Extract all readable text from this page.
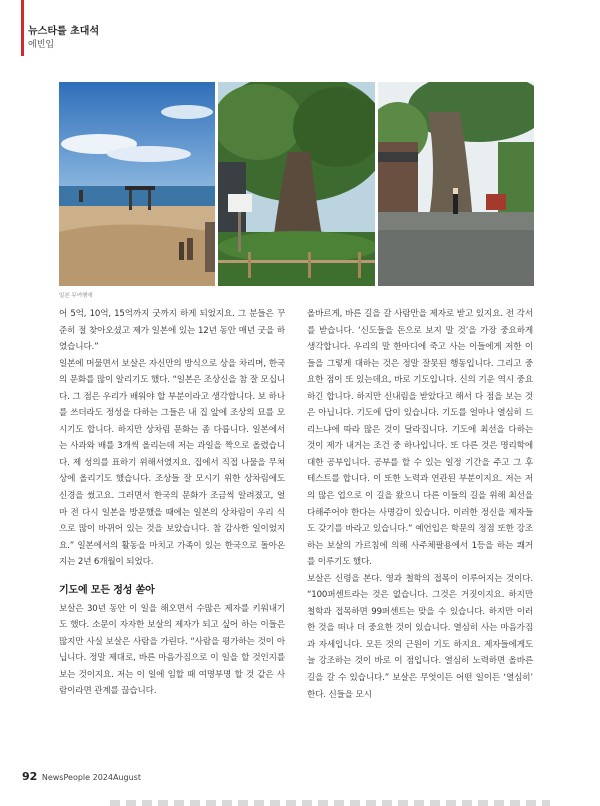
뉴스타를 초대석
에빈입
일본 무여행에

어 5억, 10억, 15억까지 굿까지 하게 되었지요. 그 분들은 꾸준히 절 찾아오셨고 제가 일본에 있는 12년 동안 매년 굿을 하였습니다.”

일본에 머물면서 보살은 자신만의 방식으로 상을 차리며, 한국의 문화를 많이 알리기도 했다. “일본은 조상신을 참 잘 모십니다. 그 점은 우리가 배워야 할 부분이라고 생각합니다. 보 하나를 쓰더라도 정성을 다하는 그들은 내 집 앞에 조상의 묘를 모시기도 합니다. 하지만 상차림 문화는 좀 다릅니다. 일본에서는 사과와 배를 3개씩 올리는데 저는 과일을 짝으로 올렸습니다. 제 성의를 표하기 위해서였지요. 집에서 직접 나물을 무쳐 상에 올리기도 했습니다. 조상들 잘 모시기 위한 상차림에도 신경을 썼고요. 그러면서 한국의 문화가 조금씩 알려졌고, 얼마 전 다시 일본을 방문했을 때에는 일본의 상차림이 우리 식으로 많이 바뀌어 있는 것을 보았습니다. 참 감사한 일이었지요.” 일본에서의 활동을 마치고 가족이 있는 한국으로 돌아온 지는 2년 6개월이 되었다.

기도에 모든 정성 쏟아

보살은 30년 동안 이 일을 해오면서 수많은 제자를 키워내기도 했다. 소문이 자자한 보살의 제자가 되고 싶어 하는 이들은 많지만 사실 보살은 사람을 가린다. “사람을 평가하는 것이 아닙니다. 정말 제대로, 바른 마음가짐으로 이 일을 할 것인지를 보는 것이지요. 저는 이 일에 임할 때 여명부명 할 것 같은 사람이라면 관계를 끊습니다.

올바르게, 바른 길을 갈 사람만을 제자로 받고 있지요. 전 각서를 받습니다. ‘신도들을 돈으로 보지 말 것’을 가장 중요하게 생각합니다. 우리의 말 한마디에 죽고 사는 이들에게 저한 이들을 그렇게 대하는 것은 정말 잘못된 행동입니다. 그리고 중요한 점이 또 있는데요, 바로 기도입니다. 신의 기운 역시 중요하긴 합니다. 하지만 신내림을 받았다고 해서 다 점을 보는 것은 아닙니다. 기도에 답이 있습니다. 기도를 얼마나 열심히 드리느냐에 따라 많은 것이 달라집니다. 기도에 최선을 다하는 것이 제가 내거는 조건 중 하나입니다. 또 다른 것은 명리학에 대한 공부입니다. 공부를 할 수 있는 일정 기간을 주고 그 후 테스트를 합니다. 이 또한 노력과 연관된 부분이지요. 저는 저의 많은 업으로 이 길을 왔으니 다른 이들의 길을 위해 최선을 다해주어야 한다는 사명감이 있습니다. 이러한 정신을 제자들도 갖기를 바라고 있습니다.” 예언입은 학문의 정점 또한 강조하는 보살의 가르침에 의해 사주체팔용에서 1등을 하는 쾌거를 이루기도 했다.

보살은 신령을 본다. 영과 철학의 접목이 이루어지는 것이다. “100퍼센트라는 것은 없습니다. 그것은 거짓이지요. 하지만 철학과 접목하면 99퍼센트는 맞을 수 있습니다. 하지만 이러한 것을 떠나 더 중요한 것이 있습니다. 열심히 사는 마음가짐과 자세입니다. 모든 것의 근원이 기도 하지요. 제자들에게도 늘 강조하는 것이 바로 이 점입니다. 열심히 노력하면 올바른 길을 갈 수 있습니다.” 보살은 무엇이든 어떤 일이든 ‘열심히’ 한다. 신들을 모시

92 NewsPeople 2024August
